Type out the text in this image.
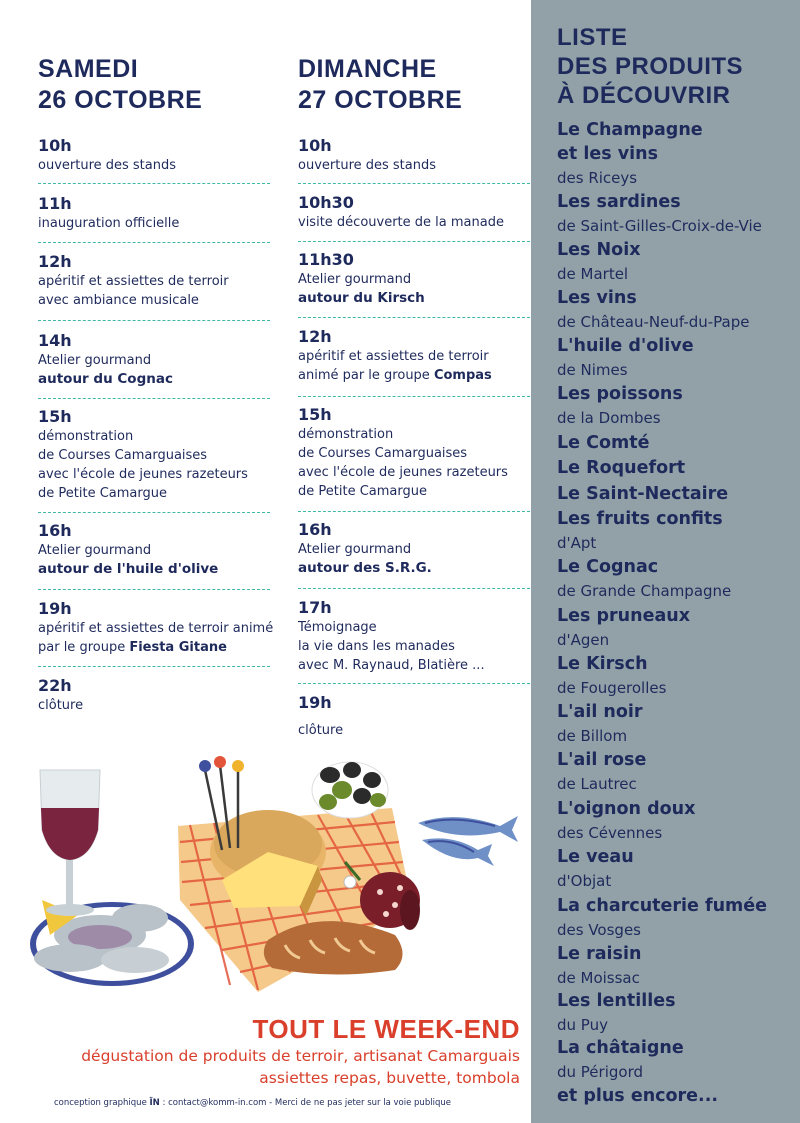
SAMEDI
26 OCTOBRE
10h
ouverture des stands
11h
inauguration officielle
12h
apéritif et assiettes de terroir
avec ambiance musicale
14h
Atelier gourmand
autour du Cognac
15h
démonstration
de Courses Camarguaises
avec l'école de jeunes razeteurs
de Petite Camargue
16h
Atelier gourmand
autour de l'huile d'olive
19h
apéritif et assiettes de terroir animé
par le groupe Fiesta Gitane
22h
clôture
DIMANCHE
27 OCTOBRE
10h
ouverture des stands
10h30
visite découverte de la manade
11h30
Atelier gourmand
autour du Kirsch
12h
apéritif et assiettes de terroir
animé par le groupe Compas
15h
démonstration
de Courses Camarguaises
avec l'école de jeunes razeteurs
de Petite Camargue
16h
Atelier gourmand
autour des S.R.G.
17h
Témoignage
la vie dans les manades
avec M. Raynaud, Blatière ...
19h
clôture
LISTE
DES PRODUITS
À DÉCOUVRIR
Le Champagne
et les vins
des Riceys
Les sardines
de Saint-Gilles-Croix-de-Vie
Les Noix
de Martel
Les vins
de Château-Neuf-du-Pape
L'huile d'olive
de Nimes
Les poissons
de la Dombes
Le Comté
Le Roquefort
Le Saint-Nectaire
Les fruits confits
d'Apt
Le Cognac
de Grande Champagne
Les pruneaux
d'Agen
Le Kirsch
de Fougerolles
L'ail noir
de Billom
L'ail rose
de Lautrec
L'oignon doux
des Cévennes
Le veau
d'Objat
La charcuterie fumée
des Vosges
Le raisin
de Moissac
Les lentilles
du Puy
La châtaigne
du Périgord
et plus encore...
TOUT LE WEEK-END
dégustation de produits de terroir, artisanat Camarguais
assiettes repas, buvette, tombola
conception graphique ÏN : contact@komm-in.com - Merci de ne pas jeter sur la voie publique
